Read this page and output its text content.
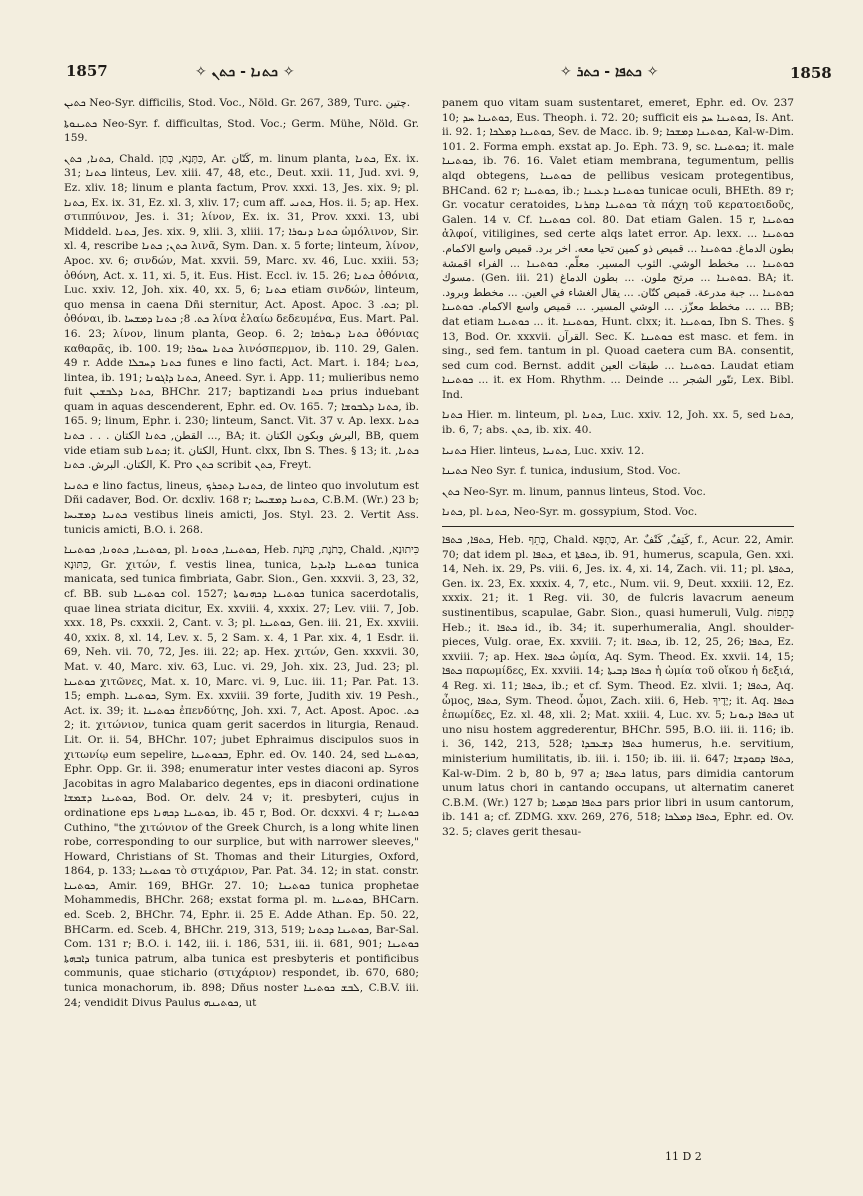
1857	✧ ܟܬܢܐ - ܟܬܢ ✧	✧ ܟܬܦܐ - ܟܬܪ ✧	1858

ܟܬܝܢ Neo-Syr. difficilis, Stod. Voc., Nöld. Gr. 267, 389, Turc. چتين.

ܟܬܝܢܘܬܐ Neo-Syr. f. difficultas, Stod. Voc.; Germ. Mühe, Nöld. Gr. 159.

ܟܬܢܐ, ܟܬܢ, Chald. כִּתָּנָא, כְּתַן, Ar. كَتّان, m. linum planta, ܟܬܢܐ, Ex. ix. 31; ܟܬܢܐ linteus, Lev. xiii. 47, 48, etc., Deut. xxii. 11, Jud. xvi. 9, Ez. xliv. 18; linum e planta factum, Prov. xxxi. 13, Jes. xix. 9; pl. ܟܬܢܐ, Ex. ix. 31, Ez. xl. 3, xliv. 17; cum aff. ܟܬܢܝ, Hos. ii. 5; ap. Hex. στιππύινον, Jes. i. 31; λίνον, Ex. ix. 31, Prov. xxxi. 13, ubi Middeld. ܟܬܢܐ, Jes. xix. 9, xlii. 3, xliii. 17; ܟܬܢܐ ܕܢܘܪܐ ὠμόλινον, Sir. xl. 4, rescribe ܟܬܢ; ܟܬܢܐ λινᾶ, Sym. Dan. x. 5 forte; linteum, λίνον, Apoc. xv. 6; σινδών, Mat. xxvii. 59, Marc. xv. 46, Luc. xxiii. 53; ὀθόνη, Act. x. 11, xi. 5, it. Eus. Hist. Eccl. iv. 15. 26; ܟܬܢܐ ὀθόνια, Luc. xxiv. 12, Joh. xix. 40, xx. 5, 6; ܟܬܢܐ etiam σινδών, linteum, quo mensa in caena Dñi sternitur, Act. Apost. Apoc. ܟܬ. 3; pl. ὀθόναι, ib. ܟܬ. 8; ܟܬܢܐ ܕܡܫܚܐ λίνα ἐλαίω δεδευμένα, Eus. Mart. Pal. 16. 23; λίνον, linum planta, Geop. 6. 2; ܟܬܢܐ ܕܝܘܪܩܐ ὀθόνιας καθαρᾶς, ib. 100. 19; ܟܬܢܐ ܚܘܪܐ λινόσπερμον, ib. 110. 29, Galen. 49 r. Adde ܟܬܢܐ ܕܚܒܠܐ funes e lino facti, Act. Mart. i. 184; ܟܬܢܐ, lintea, ib. 191; ܟܬܢܐ ܕܐܓܘܢܐ, Aneed. Syr. i. App. 11; mulieribus nemo fuit ܟܬܢܐ ܕܠܒܫܝܢ, BHChr. 217; baptizandi ܟܬܢܐ prius induebant quam in aquas descenderent, Ephr. ed. Ov. 165. 7; ܟܬܢܐ ܕܠܒܘܫܐ, ib. 165. 9; linum, Ephr. i. 230; linteum, Sanct. Vit. 37 v. Ap. lexx. ܟܬܢܐ ... القطن, ܟܬܢܐ الكتان . . . ܟܬܢܐ, BA; it. البرش وبكون الكتان, BB, quem vide etiam sub ܟܬܢܐ; it. الكتان, Hunt. clxx, Ibn S. Thes. § 13; it. ܟܬܢܐ, الكتان. البرش. ܟܬܢܐ, K. Pro ܟܬܢ scribit ܟܬܢ, Freyt.

ܟܬܢܝܐ e lino factus, lineus, ܟܬܢܝܐ ܕܬܟܪܟ, de linteo quo involutum est Dñi cadaver, Bod. Or. dcxliv. 168 r; ܟܬܢܝܐ ܕܡܫܝܚܐ, C.B.M. (Wr.) 23 b; ܟܬܢܝܐ ܕܡܫܝܚܐ vestibus lineis amicti, Jos. Styl. 23. 2. Vertit Ass. tunicis amicti, B.O. i. 268.

ܟܘܬܝܢܐ, ܟܬܘܢܐ, ܟܘܬܝܢܐ, pl. ܟܘܬܝܢܐ, ܟܬܘܢܐ, Heb. כְּתֹנֶת, כֻּתֹּנֶת, Chald. כִּיתוּנָא, כִּתּוּנָא, Gr. χιτών, f. vestis linea, tunica, ܟܘܬܝܢܐ ܕܐܝܕܝܐ tunica manicata, sed tunica fimbriata, Gabr. Sion., Gen. xxxvii. 3, 23, 32, cf. BB. sub ܟܘܬܝܢܐ col. 1527; ܟܘܬܝܢܐ ܕܟܗܢܘܬܐ tunica sacerdotalis, quae linea striata dicitur, Ex. xxviii. 4, xxxix. 27; Lev. viii. 7, Job. xxx. 18, Ps. cxxxii. 2, Cant. v. 3; pl. ܟܘܬܝܢܐ, Gen. iii. 21, Ex. xxviii. 40, xxix. 8, xl. 14, Lev. x. 5, 2 Sam. x. 4, 1 Par. xix. 4, 1 Esdr. ii. 69, Neh. vii. 70, 72, Jes. iii. 22; ap. Hex. χιτών, Gen. xxxvii. 30, Mat. v. 40, Marc. xiv. 63, Luc. vi. 29, Joh. xix. 23, Jud. 23; pl. ܟܘܬܝܢܐ χιτῶνες, Mat. x. 10, Marc. vi. 9, Luc. iii. 11; Par. Pat. 13. 15; emph. ܟܘܬܝܢܐ, Sym. Ex. xxviii. 39 forte, Judith xiv. 19 Pesh., Act. ix. 39; it. ܟܘܬܝܢܐ ἐπενδύτης, Joh. xxi. 7, Act. Apost. Apoc. ܟܬ. 2; it. χιτώνιον, tunica quam gerit sacerdos in liturgia, Renaud. Lit. Or. ii. 54, BHChr. 107; jubet Ephraimus discipulos suos in χιτωνίῳ eum sepelire, ܒܟܘܬܝܢܐ, Ephr. ed. Ov. 140. 24, sed ܟܘܬܝܢܐ, Ephr. Opp. Gr. ii. 398; enumeratur inter vestes diaconi ap. Syros Jacobitas in agro Malabarico degentes, eps in diaconi ordinatione ܟܘܬܝܢܐ ܕܫܡܫܐ, Bod. Or. delv. 24 v; it. presbyteri, cujus in ordinatione eps ܟܘܬܝܢܐ ܕܟܗܢܐ, ib. 45 r, Bod. Or. dcxxvi. 4 r; ܟܘܬܝܢܐ Cuthino, "the χιτώνιον of the Greek Church, is a long white linen robe, corresponding to our surplice, but with narrower sleeves," Howard, Christians of St. Thomas and their Liturgies, Oxford, 1864, p. 133; ܟܘܬܝܢܐ τὸ στιχάριον, Par. Pat. 34. 12; in stat. constr. ܟܘܬܝܢܐ, Amir. 169, BHGr. 27. 10; ܟܘܬܝܢܐ tunica prophetae Mohammedis, BHChr. 268; exstat forma pl. m. ܟܘܬܝܢܐ, BHCarn. ed. Sceb. 2, BHChr. 74, Ephr. ii. 25 E. Adde Athan. Ep. 50. 22, BHCarm. ed. Sceb. 4, BHChr. 219, 313, 519; ܟܘܬܝܢܐ ܕܟܬܢܐ, Bar-Sal. Com. 131 r; B.O. i. 142, iii. i. 186, 531, iii. ii. 681, 901; ܟܘܬܝܢܐ ܕܐܒܗܬܐ tunica patrum, alba tunica est presbyteris et pontificibus communis, quae stichario (στιχάριον) respondet, ib. 670, 680; tunica monachorum, ib. 898; Dñus noster ܠܒܫ ܟܘܬܝܢܐ, C.B.V. iii. 24; vendidit Divus Paulus ܟܘܬܝܢܗ, ut

panem quo vitam suam sustentaret, emeret, Ephr. ed. Ov. 237 10; ܟܘܬܝܢܐ ܚܕ, Eus. Theoph. i. 72. 20; sufficit eis ܟܘܬܝܢܐ ܚܕ, Is. Ant. ii. 92. 1; ܟܘܬܝܢܐ ܕܡܠܟܐ, Sev. de Macc. ib. 9; ܟܘܬܝܢܐ ܕܡܫܟܐ, Kal-w-Dim. 101. 2. Forma emph. exstat ap. Jo. Eph. 73. 9, sc. ܟܘܬܝܢܐ; it. male ܟܘܬܝܢܐ, ib. 76. 16. Valet etiam membrana, tegumentum, pellis alqd obtegens, ܟܘܬܝܢܐ de pellibus vesicam protegentibus, BHCand. 62 r; ܟܘܬܝܢܐ, ib.; ܟܘܬܝܢܐ ܕܥܝܢܐ tunicae oculi, BHEth. 89 r; Gr. vocatur ceratoides, ܟܘܬܝܢܐ ܕܩܪܢܐ τὰ πάχη τοῦ κερατοειδοῦς, Galen. 14 v. Cf. ܟܘܬܝܢܐ col. 80. Dat etiam Galen. 15 r, ܟܘܬܝܢܐ ἀλφοί, vitiligines, sed certe alqs latet error. Ap. lexx. ܟܘܬܝܢܐ ... بطون الدماغ. ܟܘܬܝܢܐ ... قميص ذو كمين تحيا معه. اخر برد. قميص واسع الاكمام. ܟܘܬܝܢܐ ... مخطط الوشي. الثوب المسير. معلّم. ܟܘܬܝܢܐ ... الفراء اقمشة مسوك. (Gen. iii. 21) ܟܘܬܝܢܐ ... مرتح ملون. ... بطون الدماغ. BA; it. ܟܘܬܝܢܐ ... جبة مدرعة. قميص كتّان. ... يقال الغشاء في العين. ... مخطط وبرود. ... مخطط معزّز. ... الوشي المسير. ... قميص واسع الاكمام. ܟܘܬܝܢܐ ... BB; dat etiam ܟܘܬܝܢܐ ... it. ܟܘܬܝܢܐ, Hunt. clxx; it. ܟܘܬܝܢܐ, Ibn S. Thes. § 13, Bod. Or. xxxvii. القرآن. Sec. K. ܟܘܬܝܢܐ est masc. et fem. in sing., sed fem. tantum in pl. Quoad caetera cum BA. consentit, sed cum cod. Bernst. addit ܟܘܬܝܢܐ ... طبقات العين. Laudat etiam ܟܘܬܝܢܐ ... it. ex Hom. Rhythm. ... Deinde ... تنّور الشجر, Lex. Bibl. Ind.

ܟܬܢܐ Hier. m. linteum, pl. ܟܬܢܐ, Luc. xxiv. 12, Joh. xx. 5, sed ܟܬܢܐ, ib. 6, 7; abs. ܟܬܢ, ib. xix. 40.

ܟܬܢܝܐ Hier. linteus, ܟܬܢܝܐ, Luc. xxiv. 12.

ܟܬܝܢܐ Neo Syr. f. tunica, indusium, Stod. Voc.

ܟܬܢ Neo-Syr. m. linum, pannus linteus, Stod. Voc.

ܟܬܢܐ, pl. ܟܬܢܐ, Neo-Syr. m. gossypium, Stod. Voc.

ܟܬܦܐ, ܟܬܦܐ, Heb. כָּתֵף, Chald. כַּתְפָּא, Ar. كَتِفٌ, كَتْفٌ, f., Acur. 22, Amir. 70; dat idem pl. ܟܬܦܐ, et ܟܬܦܬܐ, ib. 91, humerus, scapula, Gen. xxi. 14, Neh. ix. 29, Ps. viii. 6, Jes. ix. 4, xi. 14, Zach. vii. 11; pl. ܟܬܦܬܐ, Gen. ix. 23, Ex. xxxix. 4, 7, etc., Num. vii. 9, Deut. xxxiii. 12, Ez. xxxix. 21; it. 1 Reg. vii. 30, de fulcris lavacrum aeneum sustinentibus, scapulae, Gabr. Sion., quasi humeruli, Vulg. כְּתֵפוֹת Heb.; it. ܟܬܦܐ id., ib. 34; it. superhumeralia, Angl. shoulder-pieces, Vulg. orae, Ex. xxviii. 7; it. ܟܬܦܐ, ib. 12, 25, 26; ܟܬܦܐ, Ez. xxviii. 7; ap. Hex. ܟܬܦܐ ὠμία, Aq. Sym. Theod. Ex. xxvii. 14, 15; ܟܬܦܐ παρωμίδες, Ex. xxviii. 14; ܟܬܦܐ ܕܒܝܬܐ ἡ ὠμία τοῦ οἴκου ἡ δεξιά, 4 Reg. xi. 11; ܟܬܦܐ, ib.; et cf. Sym. Theod. Ez. xlvii. 1; ܟܬܦܐ, Aq. ὦμος, ܟܬܦܐ, Sym. Theod. ὦμοι, Zach. xiii. 6, Heb. יָדֶיךָ; it. Aq. ܟܬܦܐ ἐπωμίδες, Ez. xl. 48, xli. 2; Mat. xxiii. 4, Luc. xv. 5; ܟܬܦܐ ܕܝܘܢܐ ut uno nisu hostem aggrederentur, BHChr. 595, B.O. iii. ii. 116; ib. i. 36, 142, 213, 528; ܟܬܦܐ ܕܫܥܒܕܐ humerus, h.e. servitium, ministerium humilitatis, ib. iii. i. 150; ib. iii. ii. 647; ܟܬܦܐ ܕܩܘܕܫܐ, Kal-w-Dim. 2 b, 80 b, 97 a; ܟܬܦܐ latus, pars dimidia cantorum unum latus chori in cantando occupans, ut alternatim caneret C.B.M. (Wr.) 127 b; ܟܬܦܐ ܩܕܡܝܐ pars prior libri in usum cantorum, ib. 141 a; cf. ZDMG. xxv. 269, 276, 518; ܟܬܦܐ ܕܡܠܟܐ, Ephr. ed. Ov. 32. 5; claves gerit thesau-

11 D 2
